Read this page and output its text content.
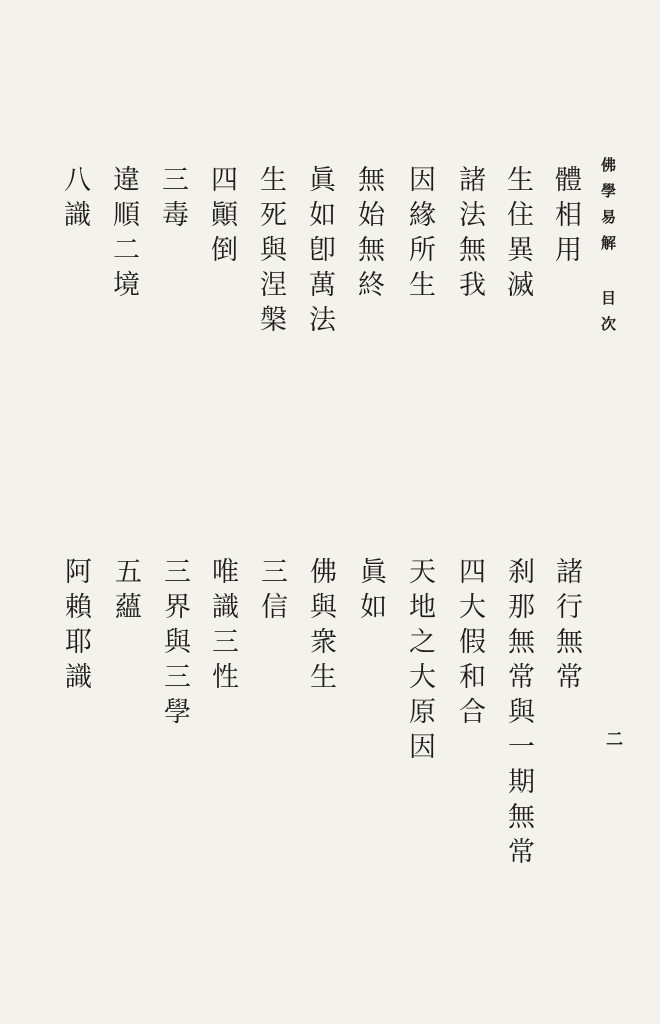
佛學易解 目次
二
體相用
生住異滅
諸法無我
因緣所生
無始無終
眞如卽萬法
生死與涅槃
四顚倒
三毒
違順二境
八識
諸行無常
刹那無常與一期無常
四大假和合
天地之大原因
眞如
佛與衆生
三信
唯識三性
三界與三學
五蘊
阿賴耶識
